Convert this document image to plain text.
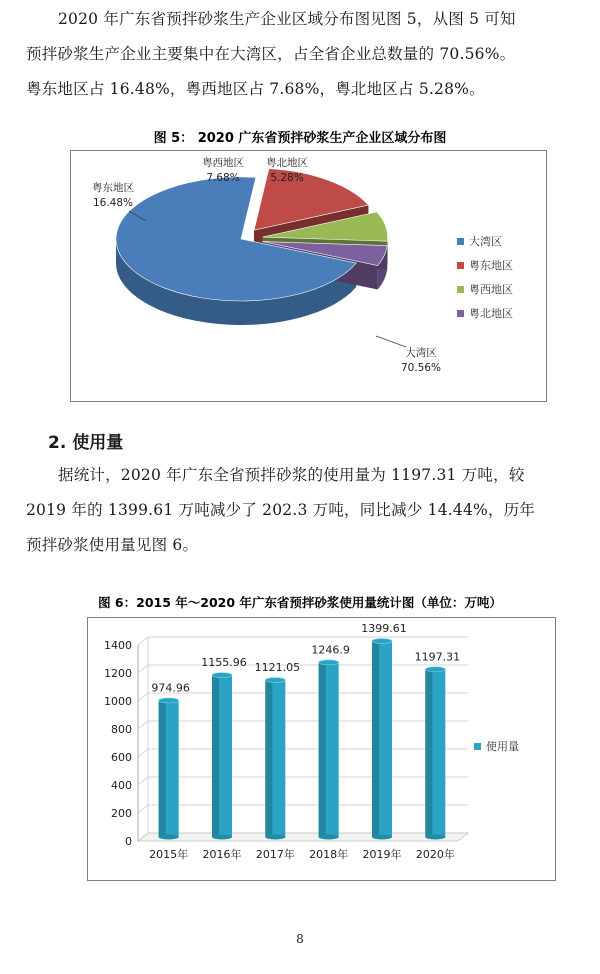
2020 年广东省预拌砂浆生产企业区域分布图见图 5，从图 5 可知

预拌砂浆生产企业主要集中在大湾区，占全省企业总数量的 70.56%。

粤东地区占 16.48%，粤西地区占 7.68%，粤北地区占 5.28%。

图 5： 2020 广东省预拌砂浆生产企业区域分布图
大湾区
70.56%
粤东地区
16.48%
粤西地区
7.68%
粤北地区
5.28%
大湾区
粤东地区
粤西地区
粤北地区
2. 使用量

据统计，2020 年广东全省预拌砂浆的使用量为 1197.31 万吨，较

2019 年的 1399.61 万吨减少了 202.3 万吨，同比减少 14.44%，历年

预拌砂浆使用量见图 6。

图 6：2015 年～2020 年广东省预拌砂浆使用量统计图（单位：万吨）
0
200
400
600
800
1000
1200
1400
974.96
2015年
1155.96
2016年
1121.05
2017年
1246.9
2018年
1399.61
2019年
1197.31
2020年
使用量
8
